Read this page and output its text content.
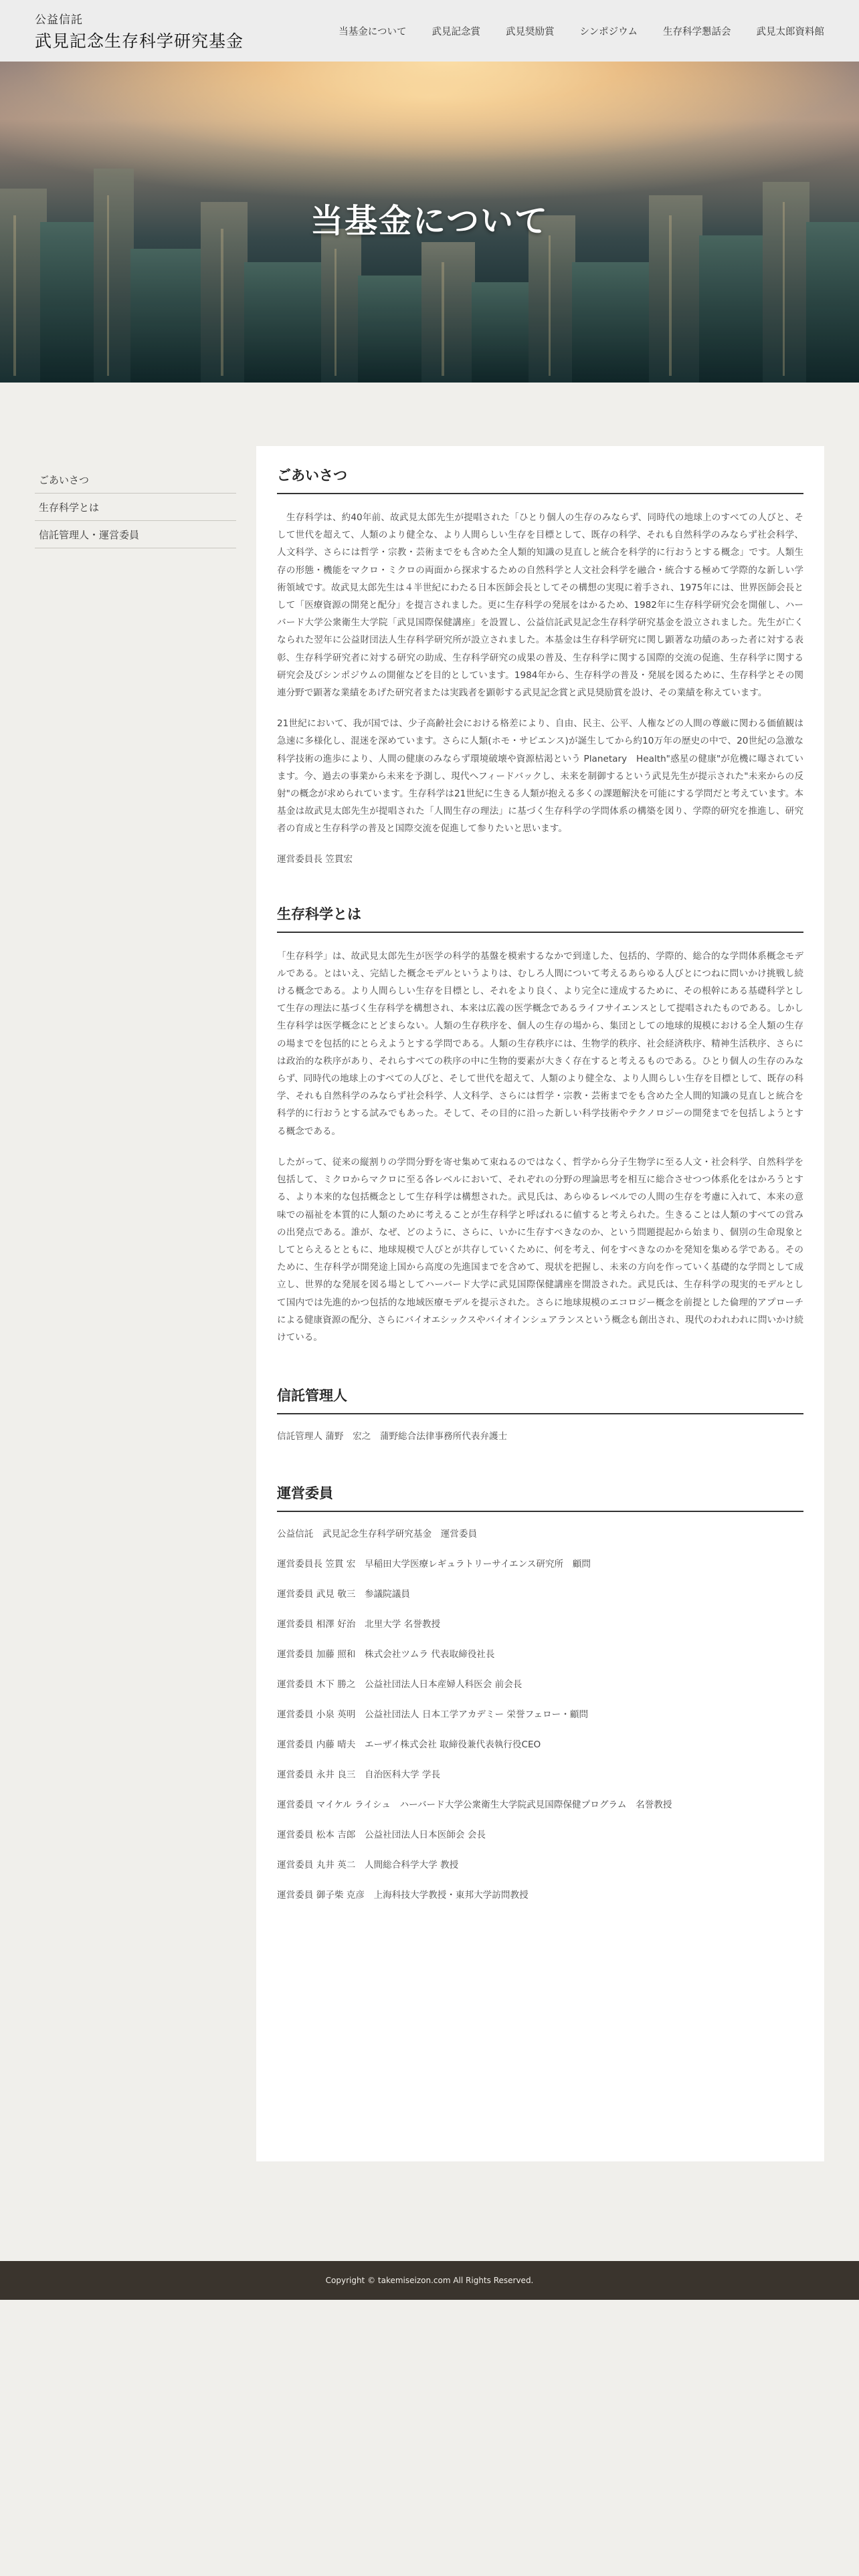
公益信託
武見記念生存科学研究基金	当基金について	武見記念賞	武見奨励賞	シンポジウム	生存科学懇話会	武見太郎資料館
当基金について
ごあいさつ
生存科学とは
信託管理人・運営委員
ごあいさつ

生存科学は、約40年前、故武見太郎先生が提唱された「ひとり個人の生存のみならず、同時代の地球上のすべての人びと、そして世代を超えて、人類のより健全な、より人間らしい生存を目標として、既存の科学、それも自然科学のみならず社会科学、人文科学、さらには哲学・宗教・芸術までをも含めた全人類的知識の見直しと統合を科学的に行おうとする概念」です。人類生存の形態・機能をマクロ・ミクロの両面から探求するための自然科学と人文社会科学を融合・統合する極めて学際的な新しい学術領域です。故武見太郎先生は４半世紀にわたる日本医師会長としてその構想の実現に着手され、1975年には、世界医師会長として「医療資源の開発と配分」を提言されました。更に生存科学の発展をはかるため、1982年に生存科学研究会を開催し、ハーバード大学公衆衛生大学院「武見国際保健講座」を設置し、公益信託武見記念生存科学研究基金を設立されました。先生が亡くなられた翌年に公益財団法人生存科学研究所が設立されました。本基金は生存科学研究に関し顕著な功績のあった者に対する表彰、生存科学研究者に対する研究の助成、生存科学研究の成果の普及、生存科学に関する国際的交流の促進、生存科学に関する研究会及びシンポジウムの開催などを目的としています。1984年から、生存科学の普及・発展を図るために、生存科学とその関連分野で顕著な業績をあげた研究者または実践者を顕彰する武見記念賞と武見奨励賞を設け、その業績を称えています。

21世紀において、我が国では、少子高齢社会における格差により、自由、民主、公平、人権などの人間の尊厳に関わる価値観は急速に多様化し、混迷を深めています。さらに人類(ホモ・サピエンス)が誕生してから約10万年の歴史の中で、20世紀の急激な科学技術の進歩により、人間の健康のみならず環境破壊や資源枯渇という Planetary　Health"惑星の健康"が危機に曝されています。今、過去の事業から未来を予測し、現代へフィードバックし、未来を制御するという武見先生が提示された"未来からの反射"の概念が求められています。生存科学は21世紀に生きる人類が抱える多くの課題解決を可能にする学問だと考えています。本基金は故武見太郎先生が提唱された「人間生存の理法」に基づく生存科学の学問体系の構築を図り、学際的研究を推進し、研究者の育成と生存科学の普及と国際交流を促進して参りたいと思います。

運営委員長 笠貫宏

生存科学とは

「生存科学」は、故武見太郎先生が医学の科学的基盤を模索するなかで到達した、包括的、学際的、総合的な学問体系概念モデルである。とはいえ、完結した概念モデルというよりは、むしろ人間について考えるあらゆる人びとにつねに問いかけ挑戦し続ける概念である。より人間らしい生存を目標とし、それをより良く、より完全に達成するために、その根幹にある基礎科学として生存の理法に基づく生存科学を構想され、本来は広義の医学概念であるライフサイエンスとして提唱されたものである。しかし生存科学は医学概念にとどまらない。人類の生存秩序を、個人の生存の場から、集団としての地球的規模における全人類の生存の場までを包括的にとらえようとする学問である。人類の生存秩序には、生物学的秩序、社会経済秩序、精神生活秩序、さらには政治的な秩序があり、それらすべての秩序の中に生物的要素が大きく存在すると考えるものである。ひとり個人の生存のみならず、同時代の地球上のすべての人びと、そして世代を超えて、人類のより健全な、より人間らしい生存を目標として、既存の科学、それも自然科学のみならず社会科学、人文科学、さらには哲学・宗教・芸術までをも含めた全人間的知識の見直しと統合を科学的に行おうとする試みでもあった。そして、その目的に沿った新しい科学技術やテクノロジーの開発までを包括しようとする概念である。

したがって、従来の縦割りの学問分野を寄せ集めて束ねるのではなく、哲学から分子生物学に至る人文・社会科学、自然科学を包括して、ミクロからマクロに至る各レベルにおいて、それぞれの分野の理論思考を相互に総合させつつ体系化をはかろうとする、より本来的な包括概念として生存科学は構想された。武見氏は、あらゆるレベルでの人間の生存を考慮に入れて、本来の意味での福祉を本質的に人類のために考えることが生存科学と呼ばれるに値すると考えられた。生きることは人類のすべての営みの出発点である。誰が、なぜ、どのように、さらに、いかに生存すべきなのか、という問題提起から始まり、個別の生命現象としてとらえるとともに、地球規模で人びとが共存していくために、何を考え、何をすべきなのかを発知を集める学である。そのために、生存科学が開発途上国から高度の先進国までを含めて、現状を把握し、未来の方向を作っていく基礎的な学問として成立し、世界的な発展を図る場としてハーバード大学に武見国際保健講座を開設された。武見氏は、生存科学の現実的モデルとして国内では先進的かつ包括的な地域医療モデルを提示された。さらに地球規模のエコロジー概念を前提とした倫理的アプローチによる健康資源の配分、さらにバイオエシックスやバイオインシュアランスという概念も創出され、現代のわれわれに問いかけ続けている。

信託管理人

信託管理人 蒲野　宏之　蒲野総合法律事務所代表弁護士

運営委員

公益信託　武見記念生存科学研究基金　運営委員

運営委員長 笠貫 宏　早稲田大学医療レギュラトリーサイエンス研究所　顧問

運営委員 武見 敬三　参議院議員

運営委員 相澤 好治　北里大学 名誉教授

運営委員 加藤 照和　株式会社ツムラ 代表取締役社長

運営委員 木下 勝之　公益社団法人日本産婦人科医会 前会長

運営委員 小泉 英明　公益社団法人 日本工学アカデミー 栄誉フェロー・顧問

運営委員 内藤 晴夫　エーザイ株式会社 取締役兼代表執行役CEO

運営委員 永井 良三　自治医科大学 学長

運営委員 マイケル ライシュ　ハーバード大学公衆衛生大学院武見国際保健プログラム　名誉教授

運営委員 松本 吉郎　公益社団法人日本医師会 会長

運営委員 丸井 英二　人間総合科学大学 教授

運営委員 御子柴 克彦　上海科技大学教授・東邦大学訪問教授

Copyright © takemiseizon.com All Rights Reserved.
